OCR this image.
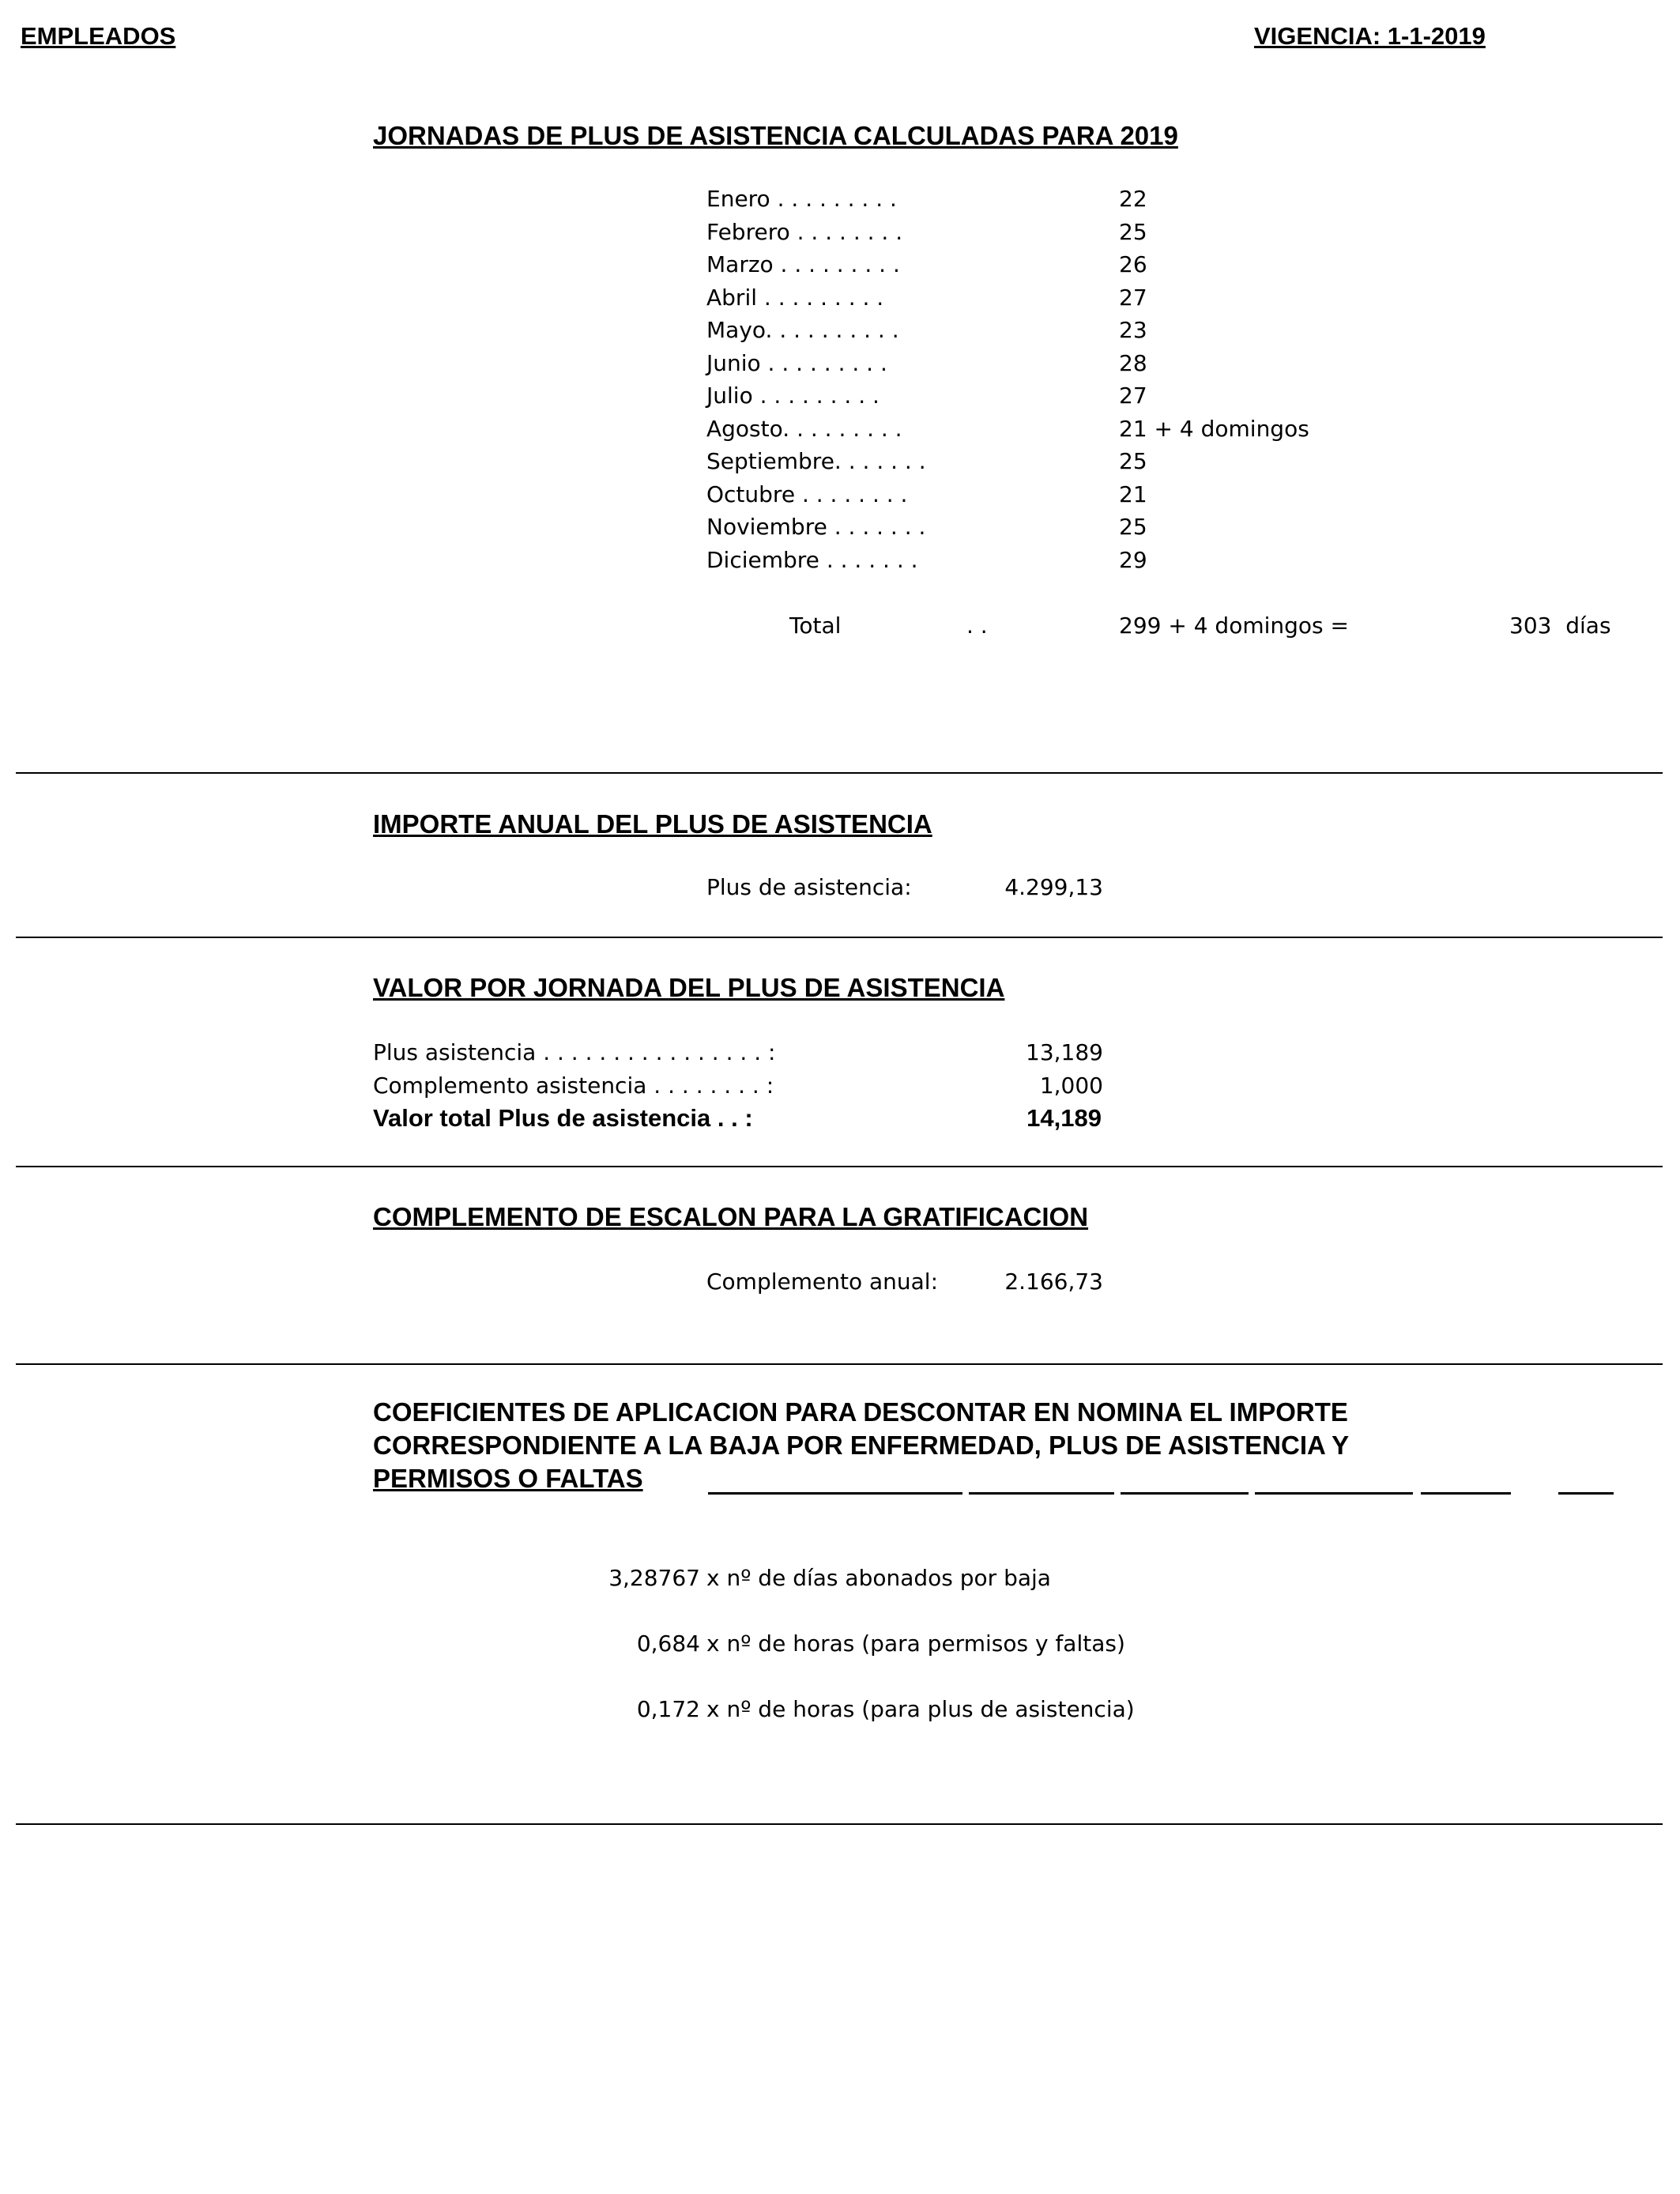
EMPLEADOS	VIGENCIA: 1-1-2019
JORNADAS DE PLUS DE ASISTENCIA CALCULADAS PARA 2019
Enero . . . . . . . . .	22
Febrero . . . . . . . .	25
Marzo . . . . . . . . .	26
Abril . . . . . . . . .	27
Mayo. . . . . . . . . .	23
Junio . . . . . . . . .	28
Julio . . . . . . . . .	27
Agosto. . . . . . . . .	21 + 4 domingos
Septiembre. . . . . . .	25
Octubre . . . . . . . .	21
Noviembre . . . . . . .	25
Diciembre . . . . . . .	29
Total	. .	299 + 4 domingos =	303  días
IMPORTE ANUAL DEL PLUS DE ASISTENCIA
Plus de asistencia:	4.299,13
VALOR POR JORNADA DEL PLUS DE ASISTENCIA
Plus asistencia . . . . . . . . . . . . . . . . :	13,189
Complemento asistencia . . . . . . . . :	1,000
Valor total Plus de asistencia . . :	14,189
COMPLEMENTO DE ESCALON PARA LA GRATIFICACION
Complemento anual:	2.166,73
COEFICIENTES DE APLICACION PARA DESCONTAR EN NOMINA EL IMPORTE
CORRESPONDIENTE A LA BAJA POR ENFERMEDAD, PLUS DE ASISTENCIA Y
PERMISOS O FALTAS
3,28767 x nº de días abonados por baja
0,684 x nº de horas (para permisos y faltas)
0,172 x nº de horas (para plus de asistencia)
